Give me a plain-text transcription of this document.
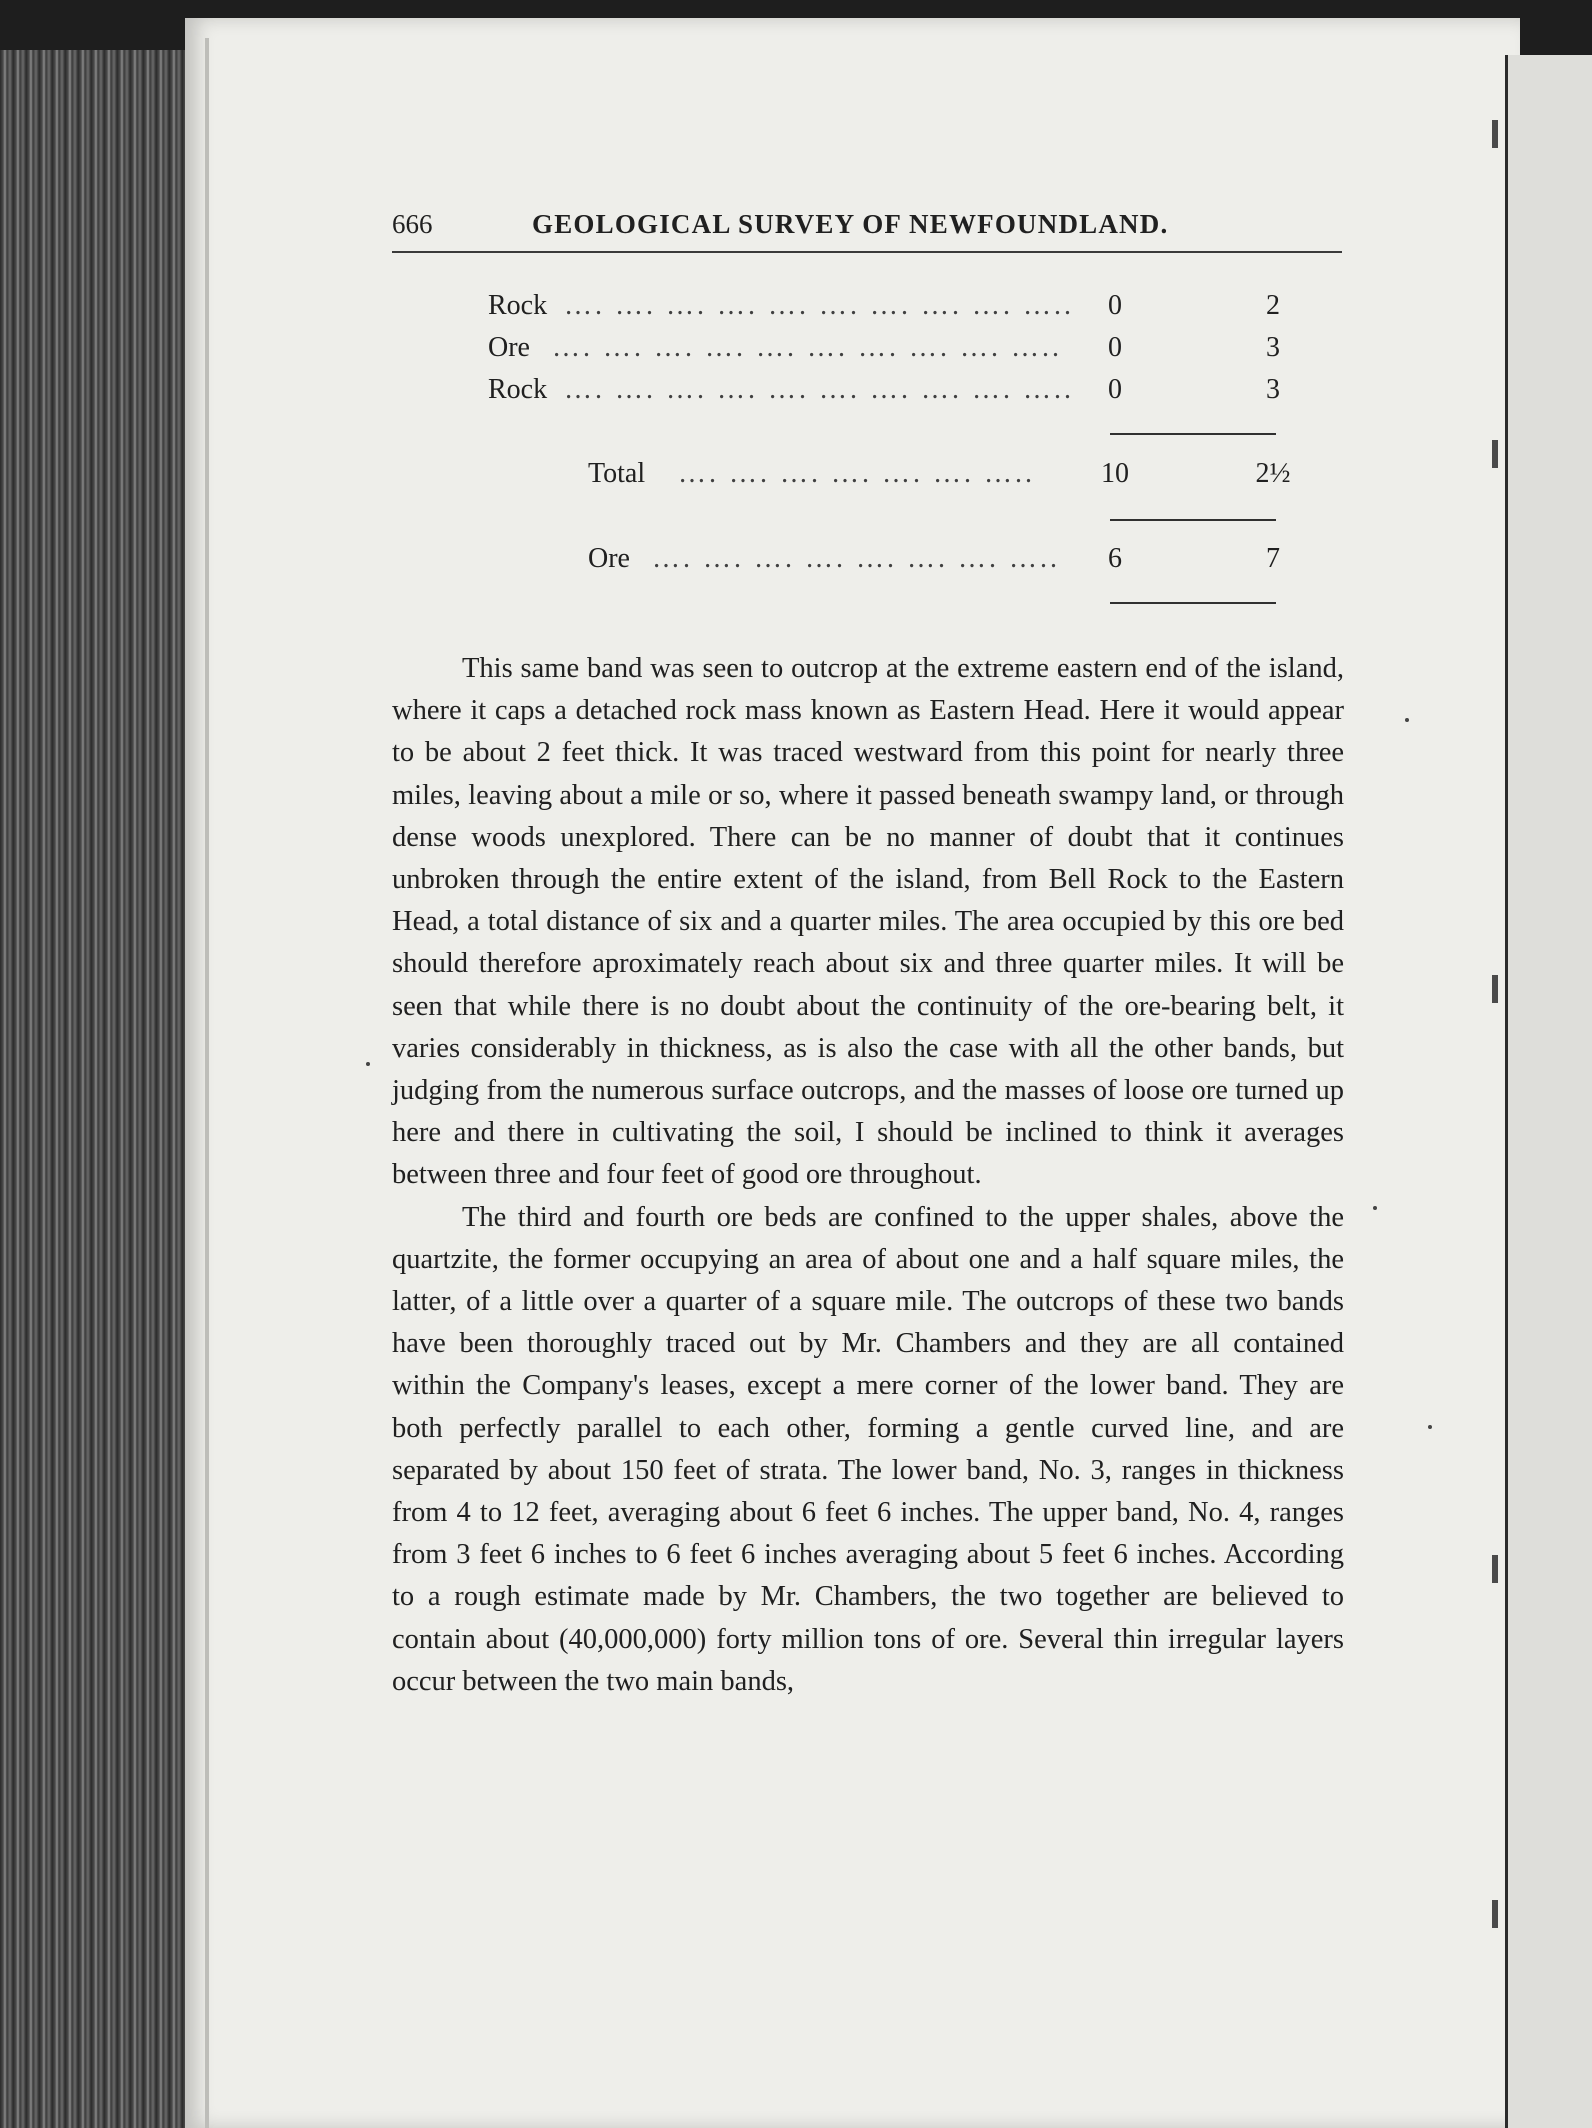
666	GEOLOGICAL SURVEY OF NEWFOUNDLAND.
Rock …. …. …. …. …. …. …. …. …. …..	0	2
Ore …. …. …. …. …. …. …. …. …. …..	0	3
Rock …. …. …. …. …. …. …. …. …. …..	0	3
Total …. …. …. …. …. …. …..	10	2½
Ore …. …. …. …. …. …. …. …..	6	7

This same band was seen to outcrop at the extreme eastern end of the island, where it caps a detached rock mass known as Eastern Head. Here it would appear to be about 2 feet thick. It was traced westward from this point for nearly three miles, leaving about a mile or so, where it passed beneath swampy land, or through dense woods unexplored. There can be no manner of doubt that it continues unbroken through the entire extent of the island, from Bell Rock to the Eastern Head, a total distance of six and a quarter miles. The area occupied by this ore bed should therefore aproximately reach about six and three quarter miles. It will be seen that while there is no doubt about the continuity of the ore-bearing belt, it varies considerably in thickness, as is also the case with all the other bands, but judging from the numerous surface outcrops, and the masses of loose ore turned up here and there in cultivating the soil, I should be inclined to think it averages between three and four feet of good ore throughout.

The third and fourth ore beds are confined to the upper shales, above the quartzite, the former occupying an area of about one and a half square miles, the latter, of a little over a quarter of a square mile. The outcrops of these two bands have been thoroughly traced out by Mr. Chambers and they are all contained within the Company's leases, except a mere corner of the lower band. They are both perfectly parallel to each other, forming a gentle curved line, and are separated by about 150 feet of strata. The lower band, No. 3, ranges in thickness from 4 to 12 feet, averaging about 6 feet 6 inches. The upper band, No. 4, ranges from 3 feet 6 inches to 6 feet 6 inches averaging about 5 feet 6 inches. According to a rough estimate made by Mr. Chambers, the two together are believed to contain about (40,000,000) forty million tons of ore. Several thin irregular layers occur between the two main bands,
